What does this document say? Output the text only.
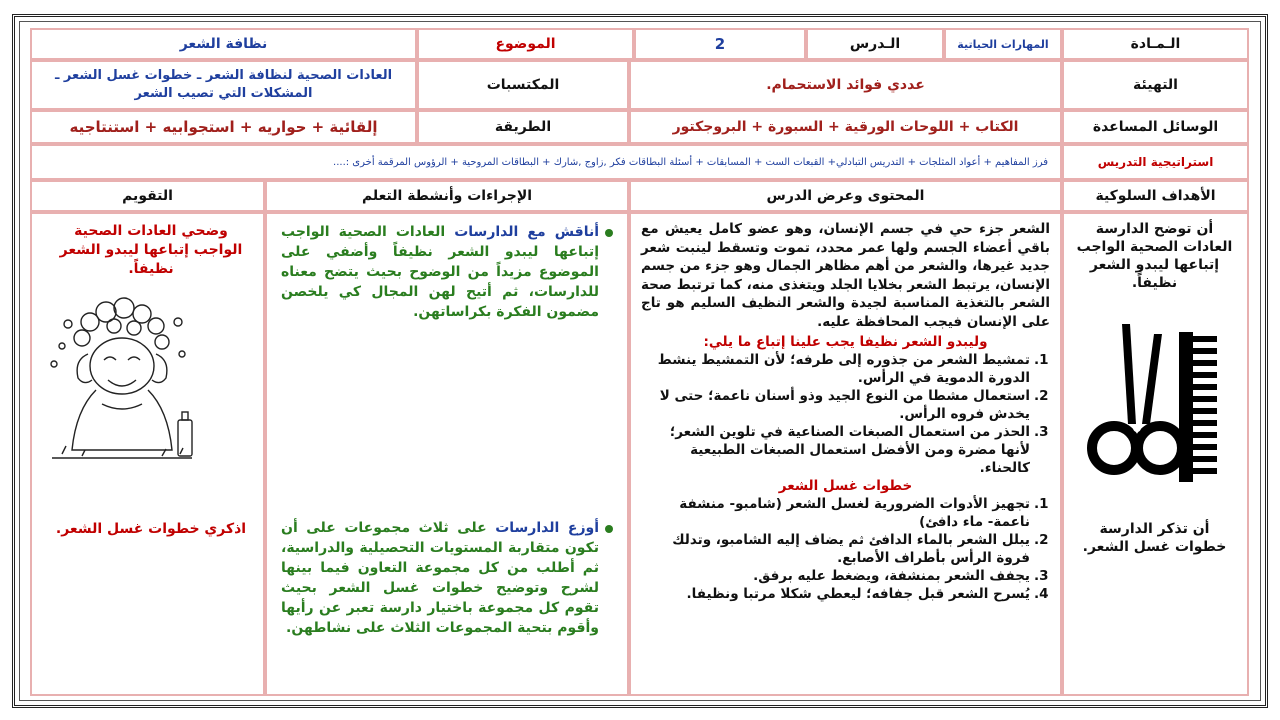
الـمـادة
المهارات الحياتية
الـدرس
2
الموضوع
نظافة الشعر
التهيئة
عددي فوائد الاستحمام.
المكتسبات
العادات الصحية لنظافة الشعر ـ خطوات غسل الشعر ـ المشكلات التي تصيب الشعر
الوسائل المساعدة
الكتاب + اللوحات الورقية + السبورة + البروجكتور
الطريقة
إلقائية + حواريه + استجوابيه + استنتاجيه
استراتيجية التدريس
فرز المفاهيم + أعواد المثلجات + التدريس التبادلي+ القبعات الست + المسابقات + أسئلة البطاقات فكر ,زاوج ,شارك + البطاقات المروحية + الرؤوس المرقمة أخرى :....
الأهداف السلوكية
المحتوى وعرض الدرس
الإجراءات وأنشطة التعلم
التقويم
أن توضح الدارسة العادات الصحية الواجب إتباعها ليبدو الشعر نظيفاً.
أن تذكر الدارسة خطوات غسل الشعر.
الشعر جزء حي في جسم الإنسان، وهو عضو كامل يعيش مع باقي أعضاء الجسم ولها عمر محدد، تموت وتسقط لينبت شعر جديد غيرها، والشعر من أهم مظاهر الجمال وهو جزء من جسم الإنسان، يرتبط الشعر بخلايا الجلد ويتغذى منه، كما ترتبط صحة الشعر بالتغذية المناسبة لجيدة والشعر النظيف السليم هو تاج على الإنسان فيجب المحافظة عليه.
وليبدو الشعر نظيفا يجب علينا إتباع ما يلي:
1.
تمشيط الشعر من جذوره إلى طرفه؛ لأن التمشيط ينشط الدورة الدموية في الرأس.
2.
استعمال مشطا من النوع الجيد وذو أسنان ناعمة؛ حتى لا يخدش فروه الرأس.
3.
الحذر من استعمال الصبغات الصناعية في تلوين الشعر؛ لأنها مضرة ومن الأفضل استعمال الصبغات الطبيعية كالحناء.
خطوات غسل الشعر
1.
تجهيز الأدوات الضرورية لغسل الشعر (شامبو- منشفة ناعمة- ماء دافئ)
2.
يبلل الشعر بالماء الدافئ ثم يضاف إليه الشامبو، وتدلك فروة الرأس بأطراف الأصابع.
3.
يجفف الشعر بمنشفة، ويضغط عليه برفق.
4.
يُسرح الشعر قبل جفافه؛ ليعطي شكلا مرتبا ونظيفا.
أناقش مع الدارسات العادات الصحية الواجب إتباعها ليبدو الشعر نظيفاً وأضفي على الموضوع مزيداً من الوضوح بحيث يتضح معناه للدارسات، ثم أتيح لهن المجال كي يلخصن مضمون الفكرة بكراساتهن.
أوزع الدارسات على ثلاث مجموعات على أن تكون متقاربة المستويات التحصيلية والدراسية، ثم أطلب من كل مجموعة التعاون فيما بينها لشرح وتوضيح خطوات غسل الشعر بحيث تقوم كل مجموعة باختيار دارسة تعبر عن رأيها وأقوم بتحية المجموعات الثلاث على نشاطهن.
وضحي العادات الصحية الواجب إتباعها ليبدو الشعر نظيفاً.
اذكري خطوات غسل الشعر.
